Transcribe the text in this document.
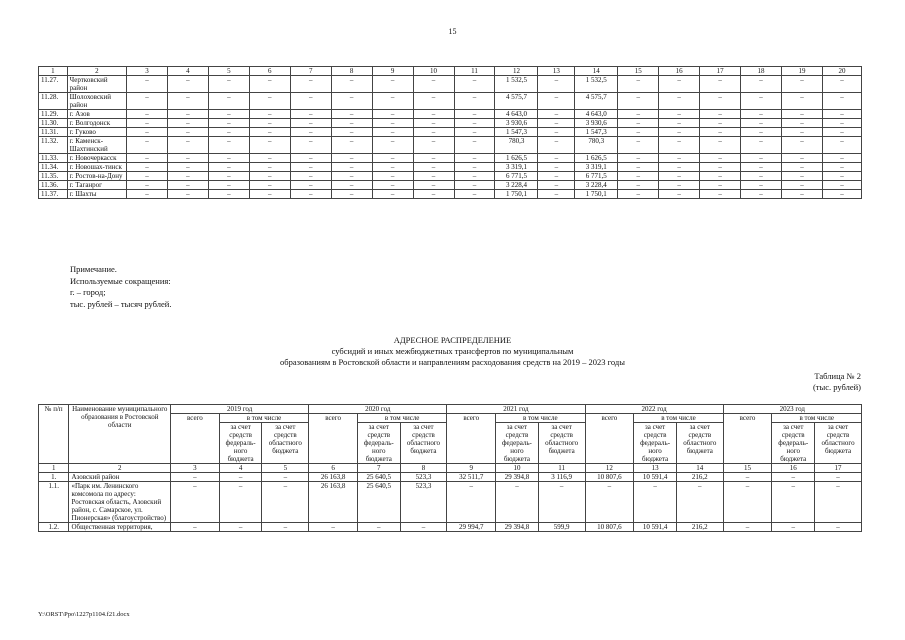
15
1	2	3	4	5	6	7	8	9	10	11	12	13	14	15	16	17	18	19	20
11.27.	Чертковский район	–	–	–	–	–	–	–	–	–	1 532,5	–	1 532,5	–	–	–	–	–	–
11.28.	Шолоховский район	–	–	–	–	–	–	–	–	–	4 575,7	–	4 575,7	–	–	–	–	–	–
11.29.	г. Азов	–	–	–	–	–	–	–	–	–	4 643,0	–	4 643,0	–	–	–	–	–	–
11.30.	г. Волгодонск	–	–	–	–	–	–	–	–	–	3 930,6	–	3 930,6	–	–	–	–	–	–
11.31.	г. Гуково	–	–	–	–	–	–	–	–	–	1 547,3	–	1 547,3	–	–	–	–	–	–
11.32.	г. Каменск-Шахтинский	–	–	–	–	–	–	–	–	–	780,3	–	780,3	–	–	–	–	–	–
11.33.	г. Новочеркасск	–	–	–	–	–	–	–	–	–	1 626,5	–	1 626,5	–	–	–	–	–	–
11.34.	г. Новошах-тинск	–	–	–	–	–	–	–	–	–	3 319,1	–	3 319,1	–	–	–	–	–	–
11.35.	г. Ростов-на-Дону	–	–	–	–	–	–	–	–	–	6 771,5	–	6 771,5	–	–	–	–	–	–
11.36.	г. Таганрог	–	–	–	–	–	–	–	–	–	3 228,4	–	3 228,4	–	–	–	–	–	–
11.37.	г. Шахты	–	–	–	–	–	–	–	–	–	1 750,1	–	1 750,1	–	–	–	–	–	–
Примечание.
Используемые сокращения:
г. – город;
тыс. рублей – тысяч рублей.
АДРЕСНОЕ РАСПРЕДЕЛЕНИЕ
субсидий и иных межбюджетных трансфертов по муниципальным
образованиям в Ростовской области и направлениям расходования средств на 2019 – 2023 годы
Таблица № 2
(тыс. рублей)
№ п/п	Наименование муниципального образования в Ростовской области	2019 год			2020 год			2021 год			2022 год			2023 год		
		всего	в том числе		всего	в том числе		всего	в том числе		всего	в том числе		всего	в том числе	
			за счет средств федераль-ного бюджета	за счет средств областного бюджета		за счет средств федераль-ного бюджета	за счет средств областного бюджета		за счет средств федераль-ного бюджета	за счет средств областного бюджета		за счет средств федераль-ного бюджета	за счет средств областного бюджета		за счет средств федераль-ного бюджета	за счет средств областного бюджета
1	2	3	4	5	6	7	8	9	10	11	12	13	14	15	16	17
1.	Азовский район	–	–	–	26 163,8	25 640,5	523,3	32 511,7	29 394,8	3 116,9	10 807,6	10 591,4	216,2	–	–	–
1.1.	«Парк им. Ленинского комсомола по адресу: Ростовская область, Азовский район, с. Самарское, ул. Пионерская» (благоустройство)	–	–	–	26 163,8	25 640,5	523,3	–	–	–	–	–	–	–	–	–
1.2.	Общественная территория,	–	–	–	–	–	–	29 994,7	29 394,8	599,9	10 807,6	10 591,4	216,2	–	–	–
Y:\ORST\Ppo\1227p1104.f21.docx
